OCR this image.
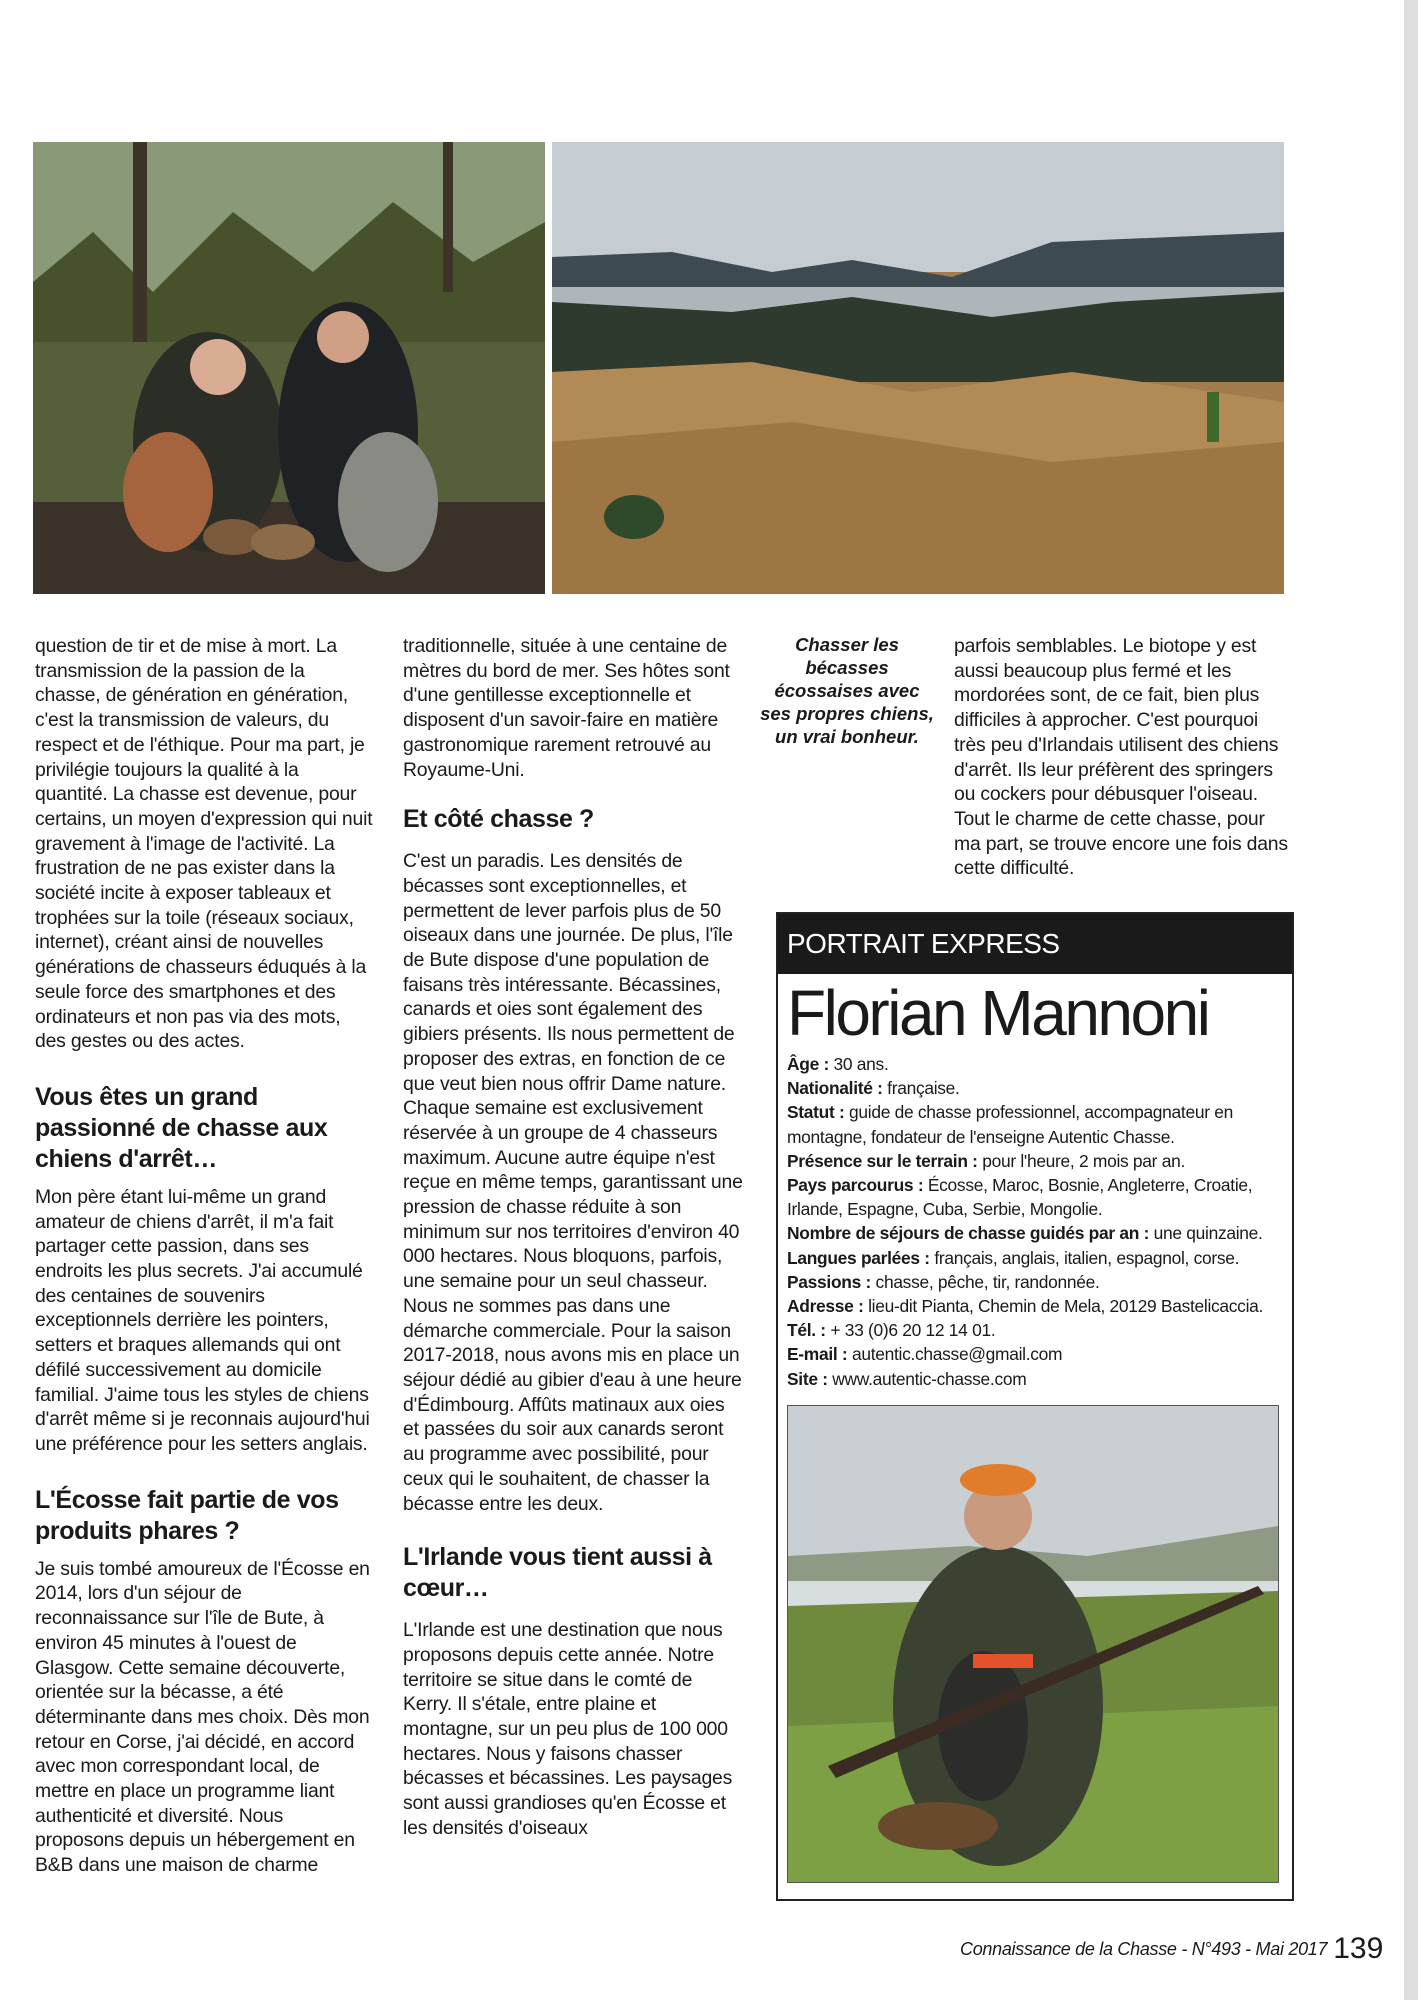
question de tir et de mise à mort. La transmission de la passion de la chasse, de génération en génération, c'est la transmission de valeurs, du respect et de l'éthique. Pour ma part, je privilégie toujours la qualité à la quantité. La chasse est devenue, pour certains, un moyen d'expression qui nuit gravement à l'image de l'activité. La frustration de ne pas exister dans la société incite à exposer tableaux et trophées sur la toile (réseaux sociaux, internet), créant ainsi de nouvelles générations de chasseurs éduqués à la seule force des smartphones et des ordinateurs et non pas via des mots, des gestes ou des actes.

Vous êtes un grand passionné de chasse aux chiens d'arrêt…

Mon père étant lui-même un grand amateur de chiens d'arrêt, il m'a fait partager cette passion, dans ses endroits les plus secrets. J'ai accumulé des centaines de souvenirs exceptionnels derrière les pointers, setters et braques allemands qui ont défilé successivement au domicile familial. J'aime tous les styles de chiens d'arrêt même si je reconnais aujourd'hui une préférence pour les setters anglais.

L'Écosse fait partie de vos produits phares ?

Je suis tombé amoureux de l'Écosse en 2014, lors d'un séjour de reconnaissance sur l'île de Bute, à environ 45 minutes à l'ouest de Glasgow. Cette semaine découverte, orientée sur la bécasse, a été déterminante dans mes choix. Dès mon retour en Corse, j'ai décidé, en accord avec mon correspondant local, de mettre en place un programme liant authenticité et diversité. Nous proposons depuis un hébergement en B&B dans une maison de charme

traditionnelle, située à une centaine de mètres du bord de mer. Ses hôtes sont d'une gentillesse exceptionnelle et disposent d'un savoir-faire en matière gastronomique rarement retrouvé au Royaume-Uni.

Et côté chasse ?

C'est un paradis. Les densités de bécasses sont exceptionnelles, et permettent de lever parfois plus de 50 oiseaux dans une journée. De plus, l'île de Bute dispose d'une population de faisans très intéressante. Bécassines, canards et oies sont également des gibiers présents. Ils nous permettent de proposer des extras, en fonction de ce que veut bien nous offrir Dame nature. Chaque semaine est exclusivement réservée à un groupe de 4 chasseurs maximum. Aucune autre équipe n'est reçue en même temps, garantissant une pression de chasse réduite à son minimum sur nos territoires d'environ 40 000 hectares. Nous bloquons, parfois, une semaine pour un seul chasseur. Nous ne sommes pas dans une démarche commerciale. Pour la saison 2017-2018, nous avons mis en place un séjour dédié au gibier d'eau à une heure d'Édimbourg. Affûts matinaux aux oies et passées du soir aux canards seront au programme avec possibilité, pour ceux qui le souhaitent, de chasser la bécasse entre les deux.

L'Irlande vous tient aussi à cœur…

L'Irlande est une destination que nous proposons depuis cette année. Notre territoire se situe dans le comté de Kerry. Il s'étale, entre plaine et montagne, sur un peu plus de 100 000 hectares. Nous y faisons chasser bécasses et bécassines. Les paysages sont aussi grandioses qu'en Écosse et les densités d'oiseaux

Chasser les bécasses écossaises avec ses propres chiens, un vrai bonheur.

parfois semblables. Le biotope y est aussi beaucoup plus fermé et les mordorées sont, de ce fait, bien plus difficiles à approcher. C'est pourquoi très peu d'Irlandais utilisent des chiens d'arrêt. Ils leur préfèrent des springers ou cockers pour débusquer l'oiseau. Tout le charme de cette chasse, pour ma part, se trouve encore une fois dans cette difficulté.

PORTRAIT EXPRESS
Florian Mannoni
Âge : 30 ans.
Nationalité : française.
Statut : guide de chasse professionnel, accompagnateur en montagne, fondateur de l'enseigne Autentic Chasse.
Présence sur le terrain : pour l'heure, 2 mois par an.
Pays parcourus : Écosse, Maroc, Bosnie, Angleterre, Croatie, Irlande, Espagne, Cuba, Serbie, Mongolie.
Nombre de séjours de chasse guidés par an : une quinzaine.
Langues parlées : français, anglais, italien, espagnol, corse.
Passions : chasse, pêche, tir, randonnée.
Adresse : lieu-dit Pianta, Chemin de Mela, 20129 Bastelicaccia.
Tél. : + 33 (0)6 20 12 14 01.
E-mail : autentic.chasse@gmail.com
Site : www.autentic-chasse.com
Connaissance de la Chasse - N°493 - Mai 2017 139
